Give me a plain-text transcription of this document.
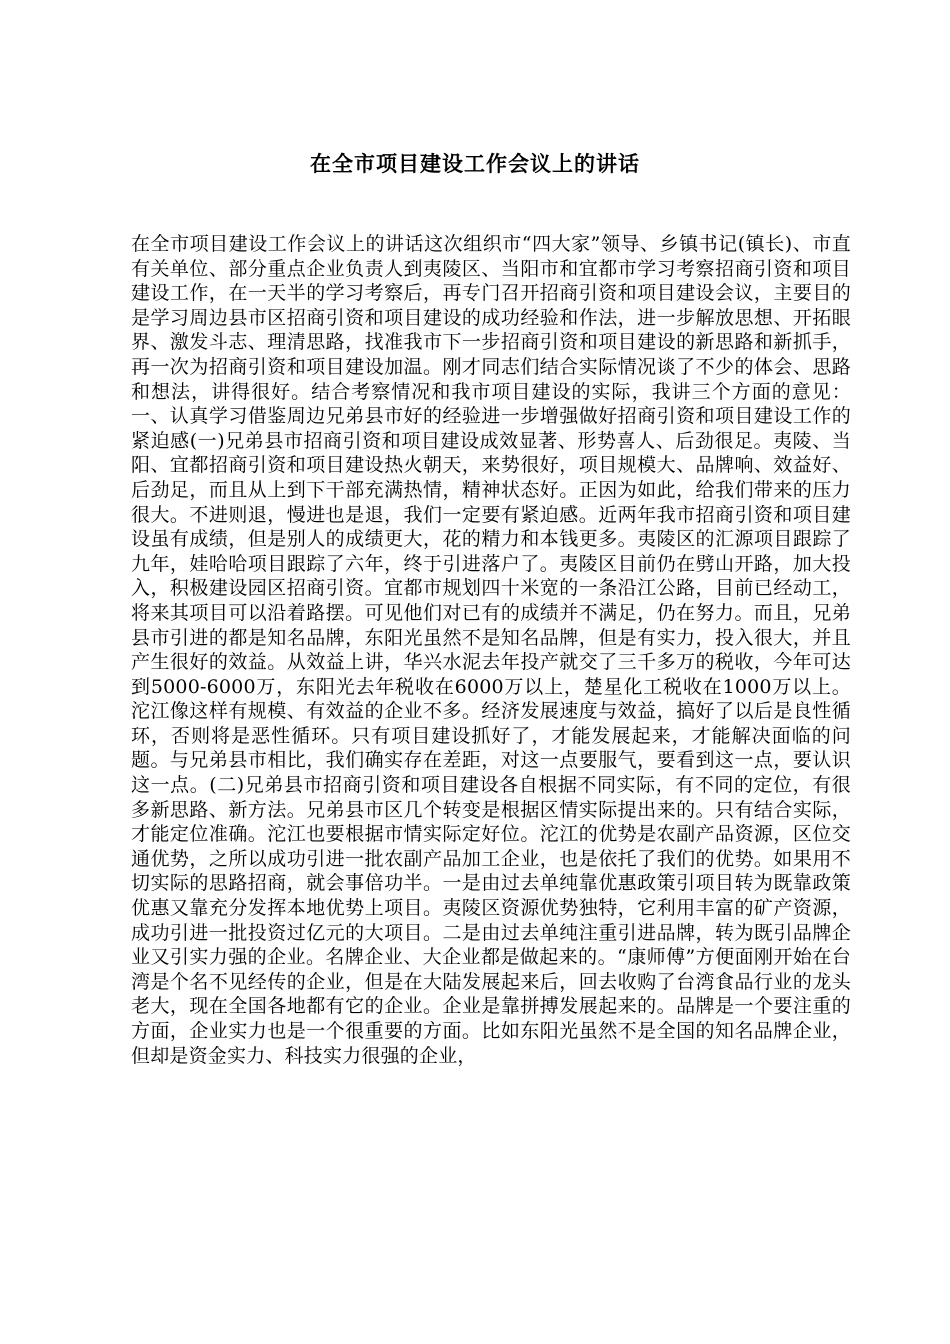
在全市项目建设工作会议上的讲话

在全市项目建设工作会议上的讲话这次组织市“四大家”领导、乡镇书记(镇长)、市直有关单位、部分重点企业负责人到夷陵区、当阳市和宜都市学习考察招商引资和项目建设工作，在一天半的学习考察后，再专门召开招商引资和项目建设会议，主要目的是学习周边县市区招商引资和项目建设的成功经验和作法，进一步解放思想、开拓眼界、激发斗志、理清思路，找准我市下一步招商引资和项目建设的新思路和新抓手，再一次为招商引资和项目建设加温。刚才同志们结合实际情况谈了不少的体会、思路和想法，讲得很好。结合考察情况和我市项目建设的实际，我讲三个方面的意见：一、认真学习借鉴周边兄弟县市好的经验进一步增强做好招商引资和项目建设工作的紧迫感(一)兄弟县市招商引资和项目建设成效显著、形势喜人、后劲很足。夷陵、当阳、宜都招商引资和项目建设热火朝天，来势很好，项目规模大、品牌响、效益好、后劲足，而且从上到下干部充满热情，精神状态好。正因为如此，给我们带来的压力很大。不进则退，慢进也是退，我们一定要有紧迫感。近两年我市招商引资和项目建设虽有成绩，但是别人的成绩更大，花的精力和本钱更多。夷陵区的汇源项目跟踪了九年，娃哈哈项目跟踪了六年，终于引进落户了。夷陵区目前仍在劈山开路，加大投入，积极建设园区招商引资。宜都市规划四十米宽的一条沿江公路，目前已经动工，将来其项目可以沿着路摆。可见他们对已有的成绩并不满足，仍在努力。而且，兄弟县市引进的都是知名品牌，东阳光虽然不是知名品牌，但是有实力，投入很大，并且产生很好的效益。从效益上讲，华兴水泥去年投产就交了三千多万的税收，今年可达到5000-6000万，东阳光去年税收在6000万以上，楚星化工税收在1000万以上。沱江像这样有规模、有效益的企业不多。经济发展速度与效益，搞好了以后是良性循环，否则将是恶性循环。只有项目建设抓好了，才能发展起来，才能解决面临的问题。与兄弟县市相比，我们确实存在差距，对这一点要服气，要看到这一点，要认识这一点。(二)兄弟县市招商引资和项目建设各自根据不同实际，有不同的定位，有很多新思路、新方法。兄弟县市区几个转变是根据区情实际提出来的。只有结合实际，才能定位准确。沱江也要根据市情实际定好位。沱江的优势是农副产品资源，区位交通优势，之所以成功引进一批农副产品加工企业，也是依托了我们的优势。如果用不切实际的思路招商，就会事倍功半。一是由过去单纯靠优惠政策引项目转为既靠政策优惠又靠充分发挥本地优势上项目。夷陵区资源优势独特，它利用丰富的矿产资源，成功引进一批投资过亿元的大项目。二是由过去单纯注重引进品牌，转为既引品牌企业又引实力强的企业。名牌企业、大企业都是做起来的。“康师傅”方便面刚开始在台湾是个名不见经传的企业，但是在大陆发展起来后，回去收购了台湾食品行业的龙头老大，现在全国各地都有它的企业。企业是靠拼搏发展起来的。品牌是一个要注重的方面，企业实力也是一个很重要的方面。比如东阳光虽然不是全国的知名品牌企业，但却是资金实力、科技实力很强的企业，
